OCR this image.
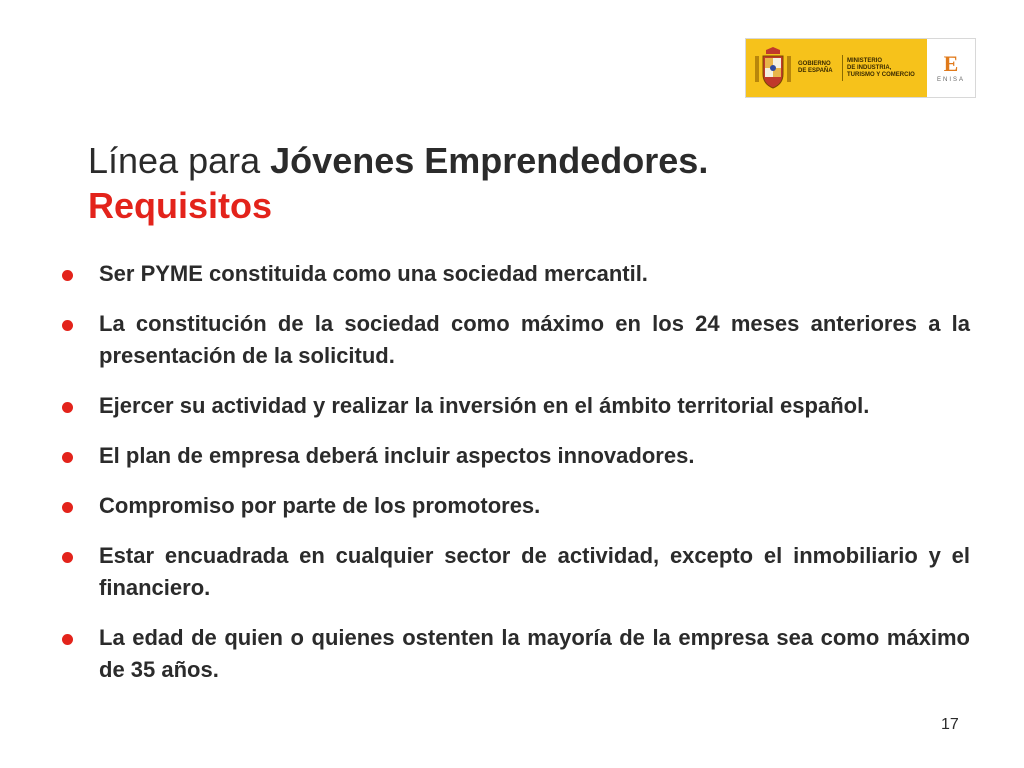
GOBIERNO
DE ESPAÑA
MINISTERIO
DE INDUSTRIA,
TURISMO Y COMERCIO	E
ENISA
Línea para Jóvenes Emprendedores.
Requisitos
Ser PYME constituida como una sociedad mercantil.
La constitución de la sociedad como máximo en los 24 meses anteriores a la presentación de la solicitud.
Ejercer su actividad y realizar la inversión en el ámbito territorial español.
El plan de empresa deberá incluir aspectos innovadores.
Compromiso por parte de los promotores.
Estar encuadrada en cualquier sector de actividad, excepto el inmobiliario y el financiero.
La edad de quien o quienes ostenten la mayoría de la empresa sea como máximo de 35 años.
17
